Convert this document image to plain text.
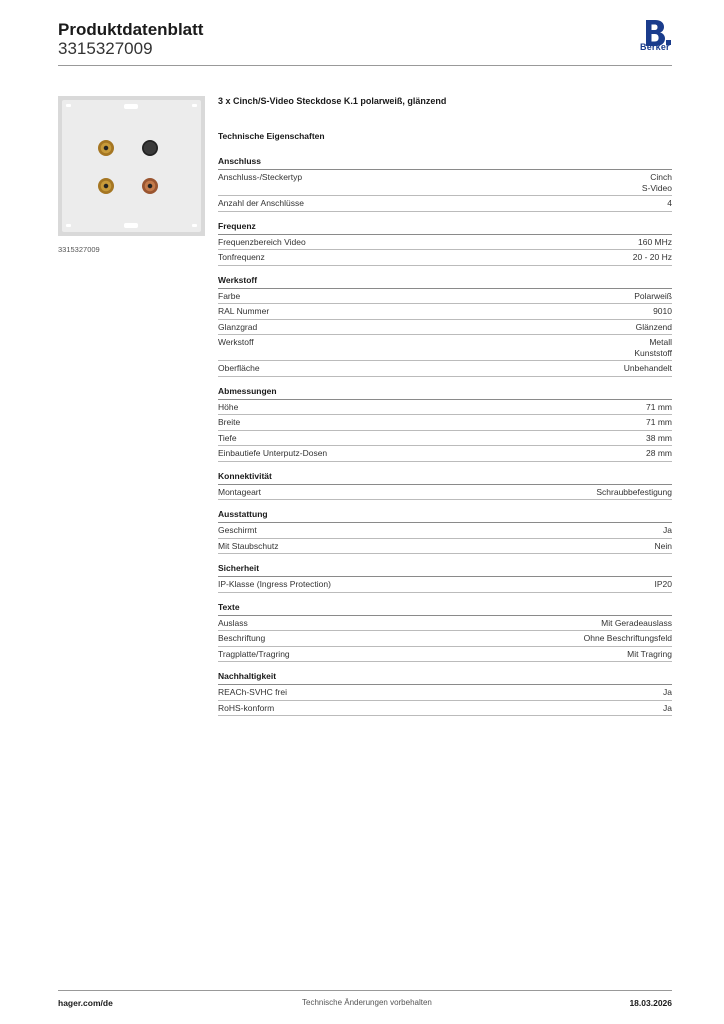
Produktdatenblatt
3315327009	Berker
3315327009
3 x Cinch/S-Video Steckdose K.1 polarweiß, glänzend
Technische Eigenschaften
Anschluss
Anschluss-/Steckertyp	Cinch
S-Video
Anzahl der Anschlüsse	4
Frequenz
Frequenzbereich Video	160 MHz
Tonfrequenz	20 - 20 Hz
Werkstoff
Farbe	Polarweiß
RAL Nummer	9010
Glanzgrad	Glänzend
Werkstoff	Metall
Kunststoff
Oberfläche	Unbehandelt
Abmessungen
Höhe	71 mm
Breite	71 mm
Tiefe	38 mm
Einbautiefe Unterputz-Dosen	28 mm
Konnektivität
Montageart	Schraubbefestigung
Ausstattung
Geschirmt	Ja
Mit Staubschutz	Nein
Sicherheit
IP-Klasse (Ingress Protection)	IP20
Texte
Auslass	Mit Geradeauslass
Beschriftung	Ohne Beschriftungsfeld
Tragplatte/Tragring	Mit Tragring
Nachhaltigkeit
REACh-SVHC frei	Ja
RoHS-konform	Ja
hager.com/de	Technische Änderungen vorbehalten	18.03.2026
